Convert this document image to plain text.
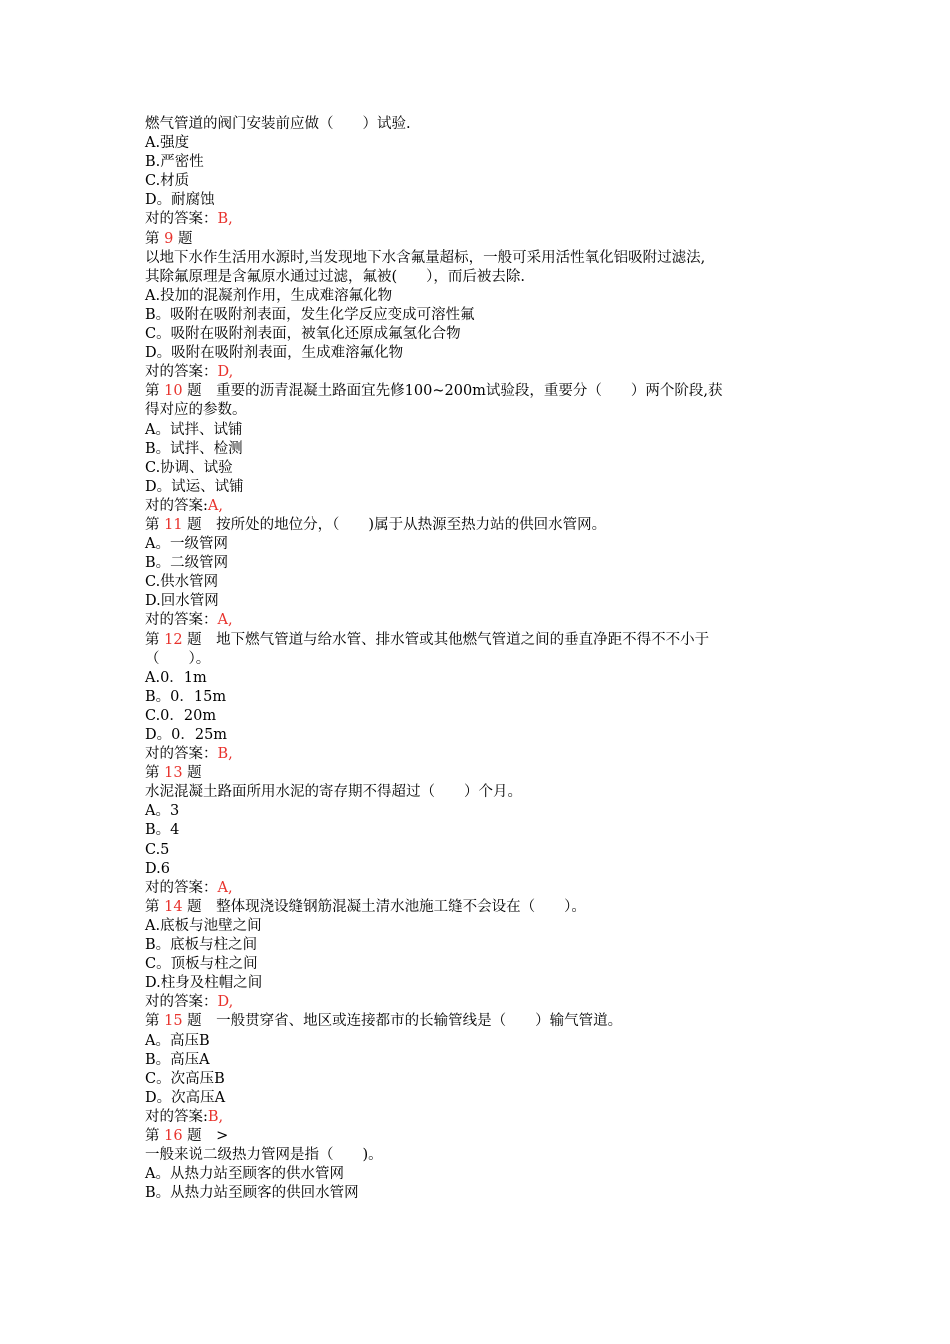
燃气管道的阀门安装前应做（　　）试验.

A.强度

B.严密性

C.材质

D。耐腐蚀

对的答案：B,

第 9 题

以地下水作生活用水源时,当发现地下水含氟量超标，一般可采用活性氧化铝吸附过滤法,

其除氟原理是含氟原水通过过滤，氟被(　　），而后被去除.

A.投加的混凝剂作用，生成难溶氟化物

B。吸附在吸附剂表面，发生化学反应变成可溶性氟

C。吸附在吸附剂表面，被氧化还原成氟氢化合物

D。吸附在吸附剂表面，生成难溶氟化物

对的答案：D,

第 10 题　重要的沥青混凝土路面宜先修100~200m试验段，重要分（　　）两个阶段,获

得对应的参数。

A。试拌、试铺

B。试拌、检测

C.协调、试验

D。试运、试铺

对的答案:A,

第 11 题　按所处的地位分，（　　)属于从热源至热力站的供回水管网。

A。一级管网

B。二级管网

C.供水管网

D.回水管网

对的答案：A,

第 12 题　地下燃气管道与给水管、排水管或其他燃气管道之间的垂直净距不得不不小于

（　　）。

A.0．1m

B。0．15m

C.0．20m

D。0．25m

对的答案：B,

第 13 题

水泥混凝土路面所用水泥的寄存期不得超过（　　）个月。

A。3

B。4

C.5

D.6

对的答案：A,

第 14 题　整体现浇设缝钢筋混凝土清水池施工缝不会设在（　　）。

A.底板与池壁之间

B。底板与柱之间

C。顶板与柱之间

D.柱身及柱帽之间

对的答案：D,

第 15 题　一般贯穿省、地区或连接都市的长输管线是（　　）输气管道。

A。高压B

B。高压A

C。次高压B

D。次高压A

对的答案:B,

第 16 题　>

一般来说二级热力管网是指（　　)。

A。从热力站至顾客的供水管网

B。从热力站至顾客的供回水管网
